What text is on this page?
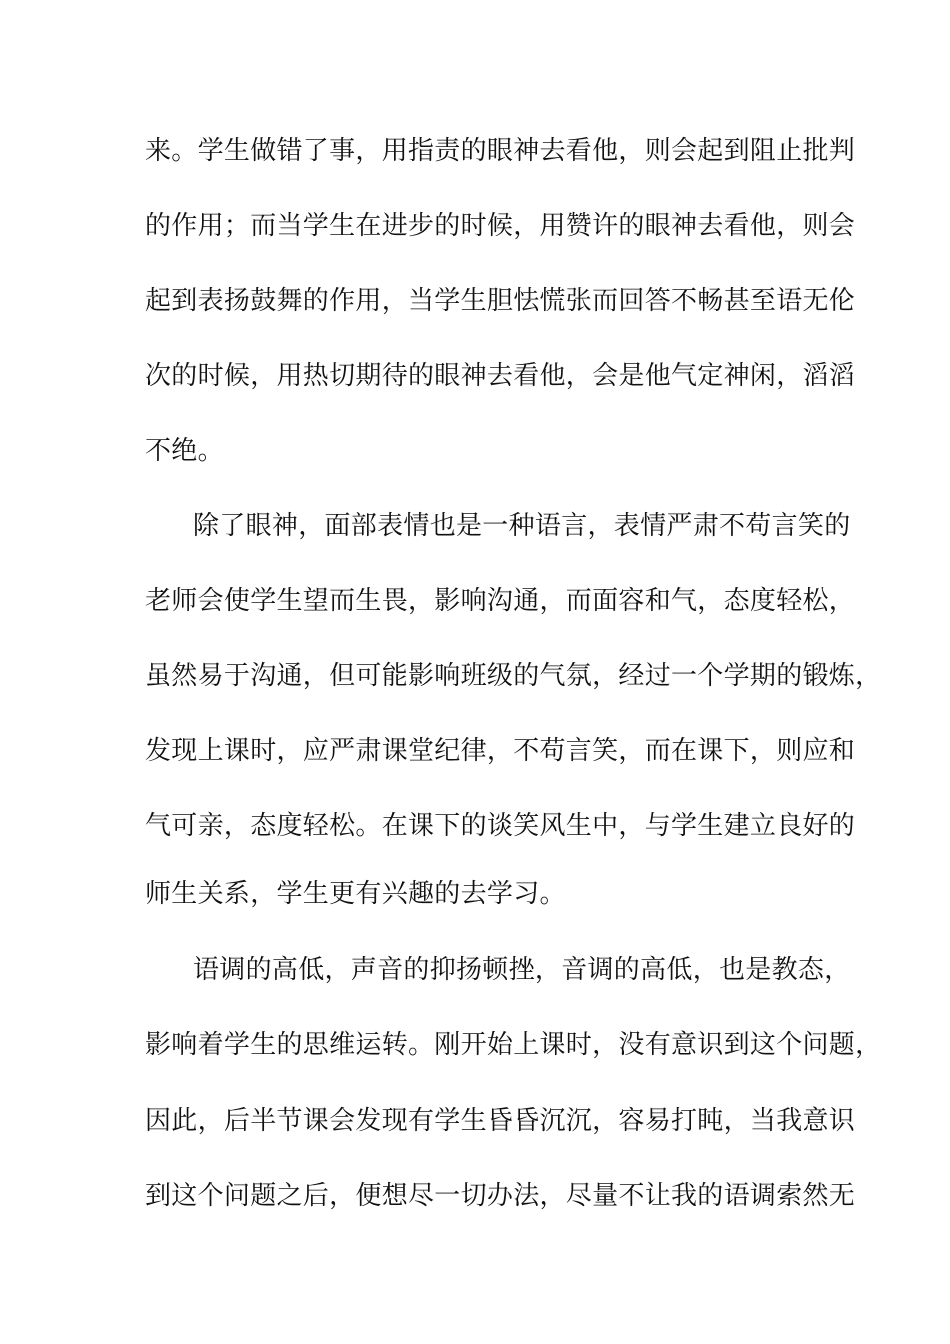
来。学生做错了事，用指责的眼神去看他，则会起到阻止批判
的作用；而当学生在进步的时候，用赞许的眼神去看他，则会
起到表扬鼓舞的作用，当学生胆怯慌张而回答不畅甚至语无伦
次的时候，用热切期待的眼神去看他，会是他气定神闲，滔滔
不绝。
除了眼神，面部表情也是一种语言，表情严肃不苟言笑的
老师会使学生望而生畏，影响沟通，而面容和气，态度轻松，
虽然易于沟通，但可能影响班级的气氛，经过一个学期的锻炼，
发现上课时，应严肃课堂纪律，不苟言笑，而在课下，则应和
气可亲，态度轻松。在课下的谈笑风生中，与学生建立良好的
师生关系，学生更有兴趣的去学习。
语调的高低，声音的抑扬顿挫，音调的高低，也是教态，
影响着学生的思维运转。刚开始上课时，没有意识到这个问题，
因此，后半节课会发现有学生昏昏沉沉，容易打盹，当我意识
到这个问题之后，便想尽一切办法，尽量不让我的语调索然无
